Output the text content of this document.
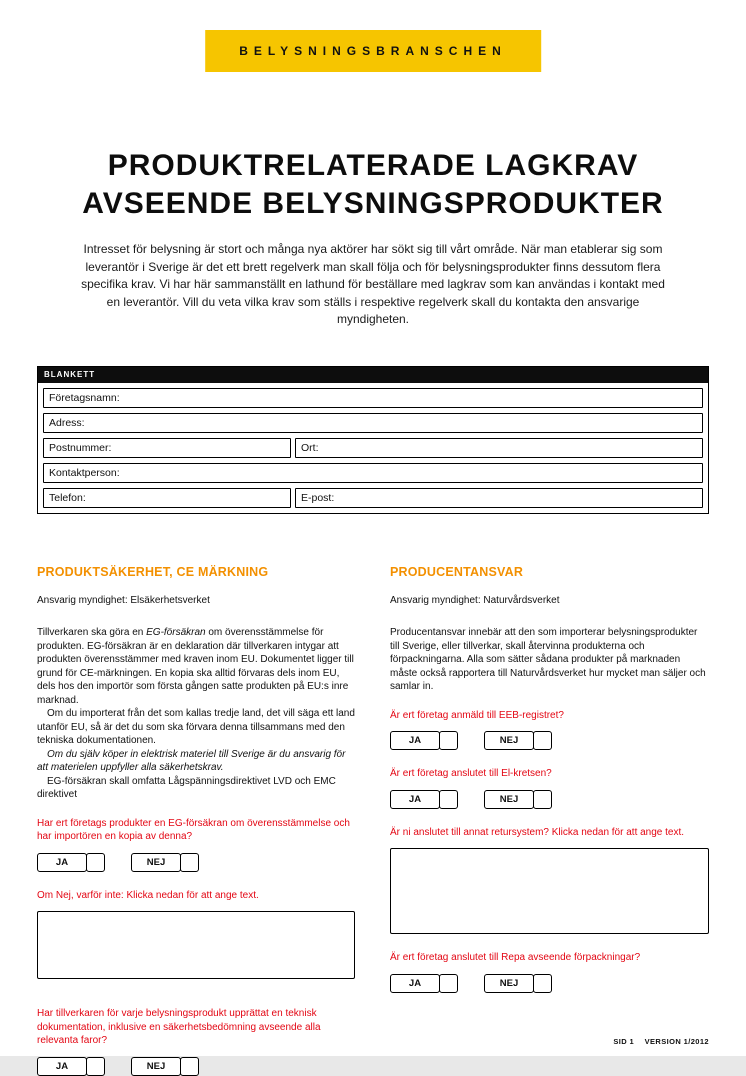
BELYSNINGSBRANSCHEN
PRODUKTRELATERADE LAGKRAV
AVSEENDE BELYSNINGSPRODUKTER
Intresset för belysning är stort och många nya aktörer har sökt sig till vårt område. När man etablerar sig som leverantör i Sverige är det ett brett regelverk man skall följa och för belysningsprodukter finns dessutom flera specifika krav. Vi har här sammanställt en lathund för beställare med lagkrav som kan användas i kontakt med en leverantör. Vill du veta vilka krav som ställs i respektive regelverk skall du kontakta den ansvarige myndigheten.
BLANKETT
Företagsnamn:
Adress:
Postnummer:	Ort:
Kontaktperson:
Telefon:	E-post:
PRODUKTSÄKERHET, CE MÄRKNING
Ansvarig myndighet: Elsäkerhetsverket

Tillverkaren ska göra en EG-försäkran om överensstämmelse för produkten. EG-försäkran är en deklaration där tillverkaren intygar att produkten överensstämmer med kraven inom EU. Dokumentet ligger till grund för CE-märkningen. En kopia ska alltid förvaras dels inom EU, dels hos den importör som första gången satte produkten på EU:s inre marknad.

Om du importerat från det som kallas tredje land, det vill säga ett land utanför EU, så är det du som ska förvara denna tillsammans med den tekniska dokumentationen.

Om du själv köper in elektrisk materiel till Sverige är du ansvarig för att materielen uppfyller alla säkerhetskrav.

EG-försäkran skall omfatta Lågspänningsdirektivet LVD och EMC direktivet

Har ert företags produkter en EG-försäkran om överensstämmelse och har importören en kopia av denna?
JA	NEJ
Om Nej, varför inte: Klicka nedan för att ange text.
Har tillverkaren för varje belysningsprodukt upprättat en teknisk dokumentation, inklusive en säkerhetsbedömning avseende alla relevanta faror?
JA	NEJ
PRODUCENTANSVAR
Ansvarig myndighet: Naturvårdsverket

Producentansvar innebär att den som importerar belysningsprodukter till Sverige, eller tillverkar, skall återvinna produkterna och förpackningarna. Alla som sätter sådana produkter på marknaden måste också rapportera till Naturvårdsverket hur mycket man säljer och samlar in.

Är ert företag anmäld till EEB-registret?
JA	NEJ
Är ert företag anslutet till El-kretsen?
JA	NEJ
Är ni anslutet till annat retursystem? Klicka nedan för att ange text.
Är ert företag anslutet till Repa avseende förpackningar?
JA	NEJ
SID 1 VERSION 1/2012
